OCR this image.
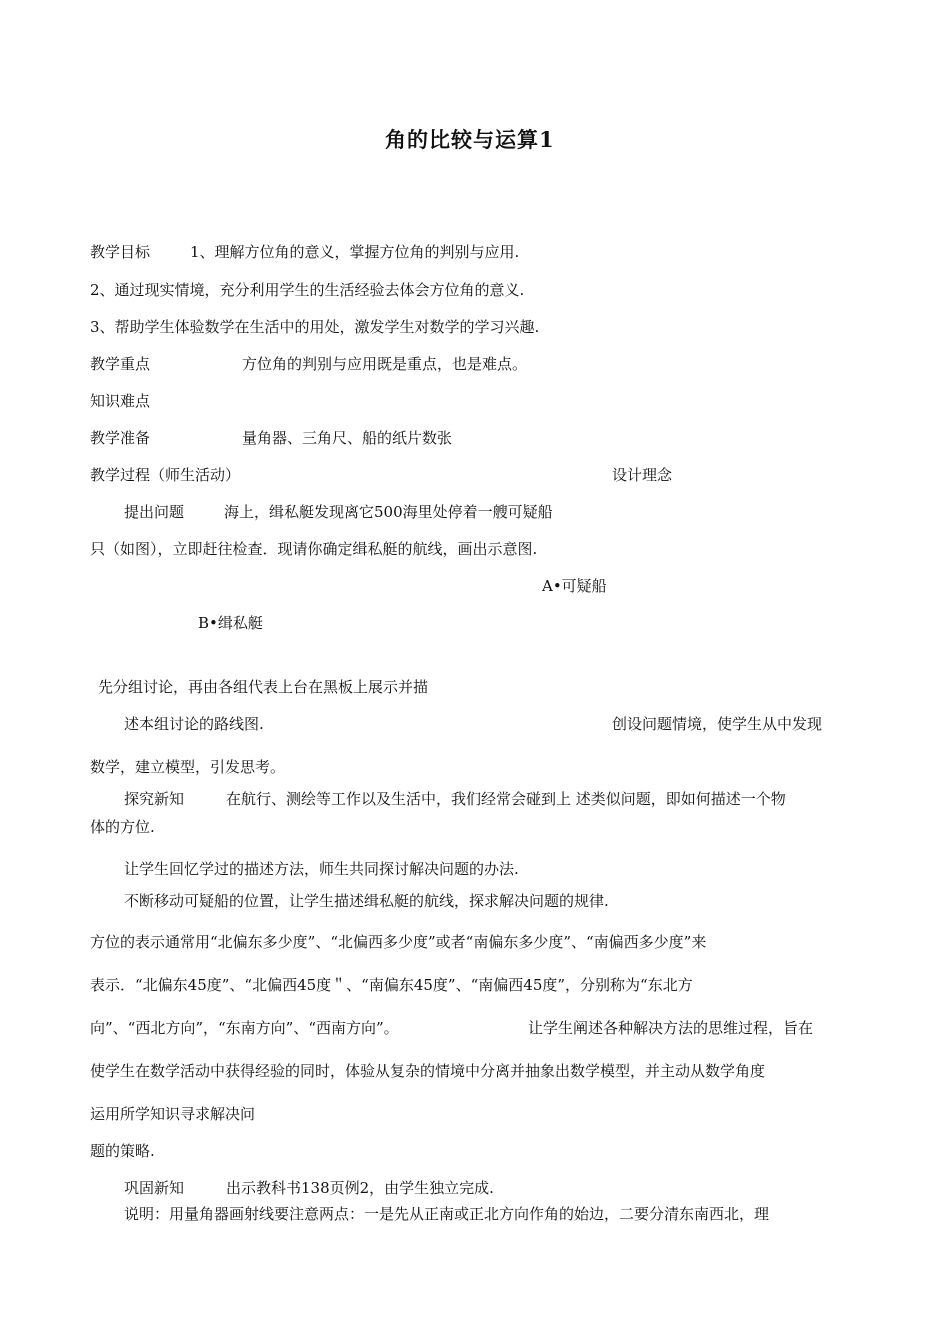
角的比较与运算1
教学目标	1、理解方位角的意义，掌握方位角的判别与应用.
2、通过现实情境，充分利用学生的生活经验去体会方位角的意义.
3、帮助学生体验数学在生活中的用处，激发学生对数学的学习兴趣.
教学重点	方位角的判别与应用既是重点，也是难点。
知识难点
教学准备	量角器、三角尺、船的纸片数张
教学过程（师生活动）	设计理念
提出问题	海上，缉私艇发现离它500海里处停着一艘可疑船
只（如图），立即赶往检查．现请你确定缉私艇的航线，画出示意图.
A•可疑船
B•缉私艇
先分组讨论，再由各组代表上台在黑板上展示并描
述本组讨论的路线图.	创设问题情境，使学生从中发现
数学，建立模型，引发思考。
探究新知	在航行、测绘等工作以及生活中，我们经常会碰到上 述类似问题，即如何描述一个物
体的方位.
让学生回忆学过的描述方法，师生共同探讨解决问题的办法.
不断移动可疑船的位置，让学生描述缉私艇的航线，探求解决问题的规律.
方位的表示通常用“北偏东多少度”、“北偏西多少度”或者“南偏东多少度”、“南偏西多少度”来
表示．“北偏东45度”、“北偏西45度＂、“南偏东45度”、“南偏西45度”，分别称为“东北方
向”、“西北方向”，“东南方向”、“西南方向”。	让学生阐述各种解决方法的思维过程，旨在
使学生在数学活动中获得经验的同时，体验从复杂的情境中分离并抽象出数学模型，并主动从数学角度
运用所学知识寻求解决问
题的策略.
巩固新知	出示教科书138页例2，由学生独立完成.
说明：用量角器画射线要注意两点：一是先从正南或正北方向作角的始边，二要分清东南西北，理
